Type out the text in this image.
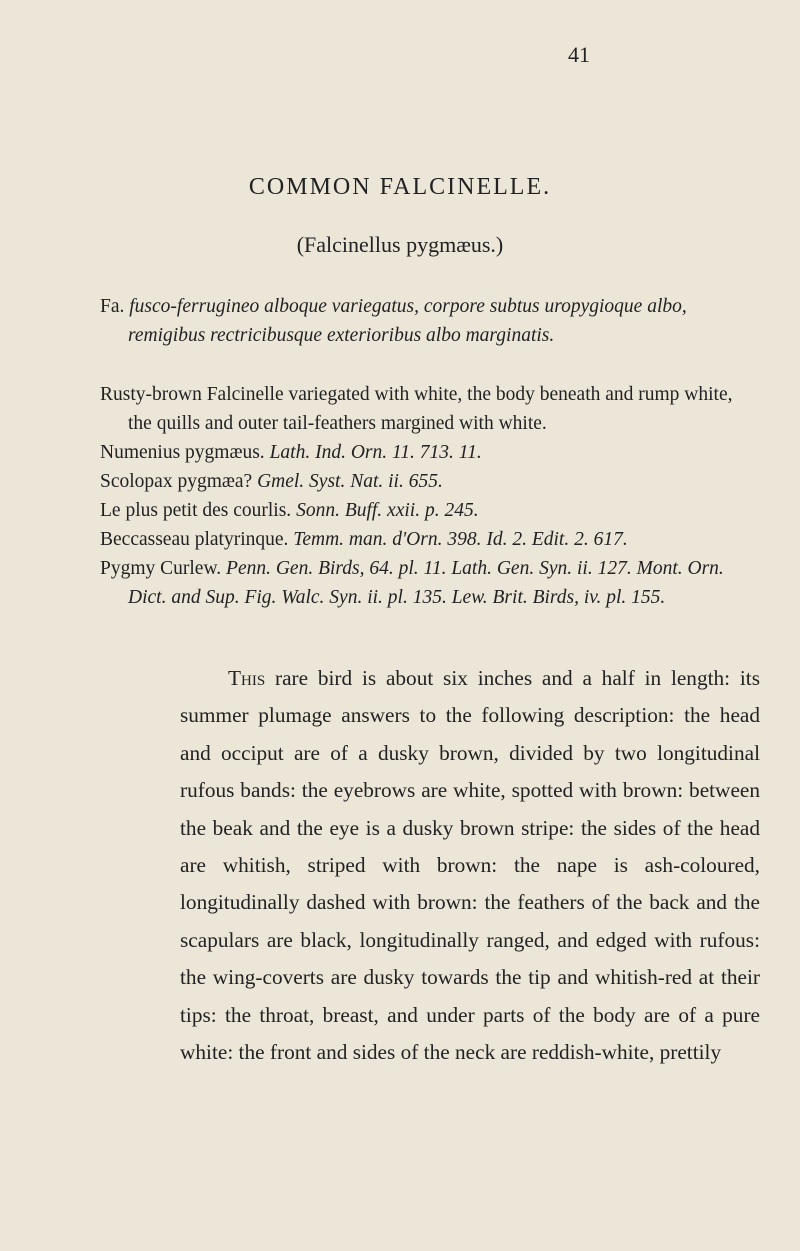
41
COMMON FALCINELLE.
(Falcinellus pygmæus.)
Fa. fusco-ferrugineo alboque variegatus, corpore subtus uropygioque albo, remigibus rectricibusque exterioribus albo marginatis.
Rusty-brown Falcinelle variegated with white, the body beneath and rump white, the quills and outer tail-feathers margined with white.
Numenius pygmæus. Lath. Ind. Orn. 11. 713. 11.
Scolopax pygmæa? Gmel. Syst. Nat. ii. 655.
Le plus petit des courlis. Sonn. Buff. xxii. p. 245.
Beccasseau platyrinque. Temm. man. d'Orn. 398. Id. 2. Edit. 2. 617.
Pygmy Curlew. Penn. Gen. Birds, 64. pl. 11. Lath. Gen. Syn. ii. 127. Mont. Orn. Dict. and Sup. Fig. Walc. Syn. ii. pl. 135. Lew. Brit. Birds, iv. pl. 155.
This rare bird is about six inches and a half in length: its summer plumage answers to the following description: the head and occiput are of a dusky brown, divided by two longitudinal rufous bands: the eyebrows are white, spotted with brown: between the beak and the eye is a dusky brown stripe: the sides of the head are whitish, striped with brown: the nape is ash-coloured, longitudinally dashed with brown: the feathers of the back and the scapulars are black, longitudinally ranged, and edged with rufous: the wing-coverts are dusky towards the tip and whitish-red at their tips: the throat, breast, and under parts of the body are of a pure white: the front and sides of the neck are reddish-white, prettily
